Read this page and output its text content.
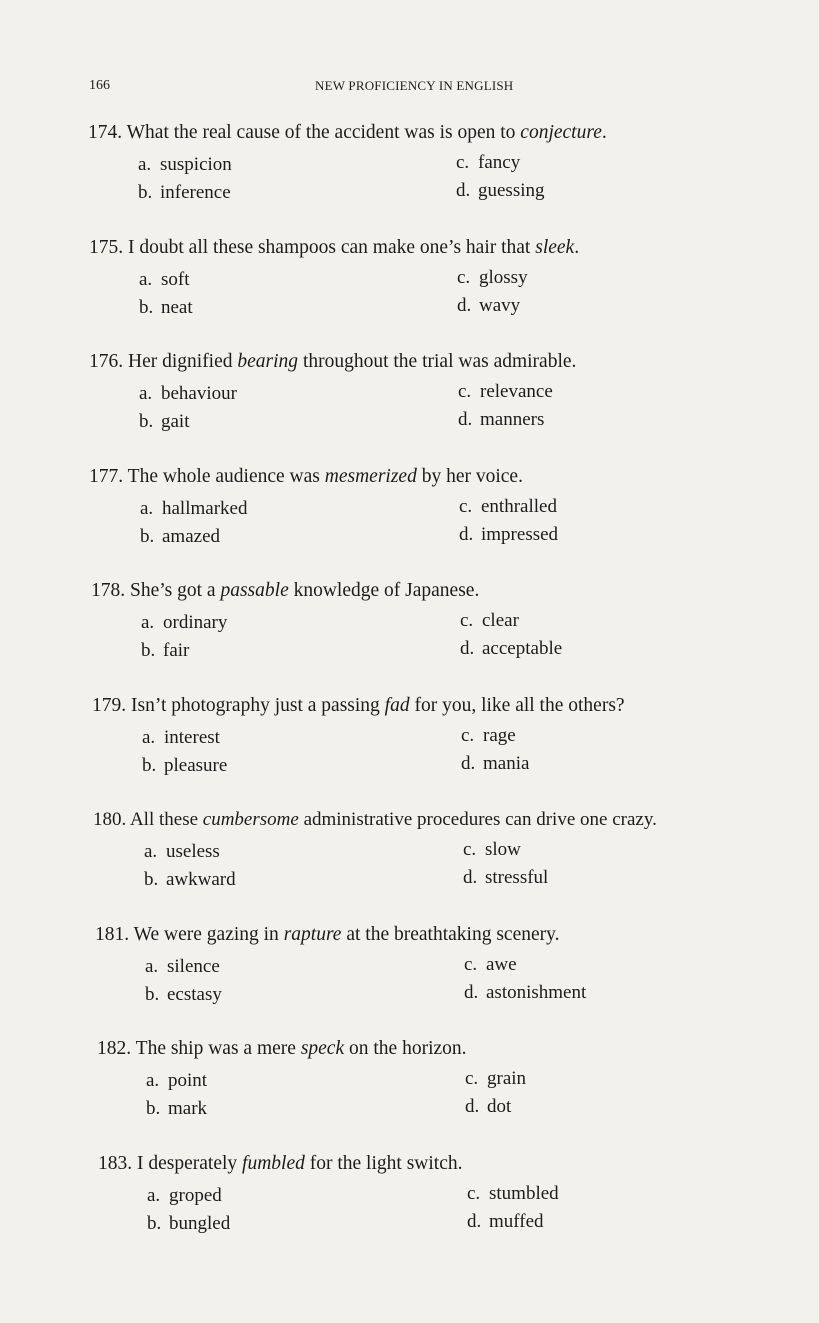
166	NEW PROFICIENCY IN ENGLISH
174. What the real cause of the accident was is open to conjecture.
a. suspicion
b. inference
c. fancy
d. guessing
175. I doubt all these shampoos can make one’s hair that sleek.
a. soft
b. neat
c. glossy
d. wavy
176. Her dignified bearing throughout the trial was admirable.
a. behaviour
b. gait
c. relevance
d. manners
177. The whole audience was mesmerized by her voice.
a. hallmarked
b. amazed
c. enthralled
d. impressed
178. She’s got a passable knowledge of Japanese.
a. ordinary
b. fair
c. clear
d. acceptable
179. Isn’t photography just a passing fad for you, like all the others?
a. interest
b. pleasure
c. rage
d. mania
180. All these cumbersome administrative procedures can drive one crazy.
a. useless
b. awkward
c. slow
d. stressful
181. We were gazing in rapture at the breathtaking scenery.
a. silence
b. ecstasy
c. awe
d. astonishment
182. The ship was a mere speck on the horizon.
a. point
b. mark
c. grain
d. dot
183. I desperately fumbled for the light switch.
a. groped
b. bungled
c. stumbled
d. muffed
